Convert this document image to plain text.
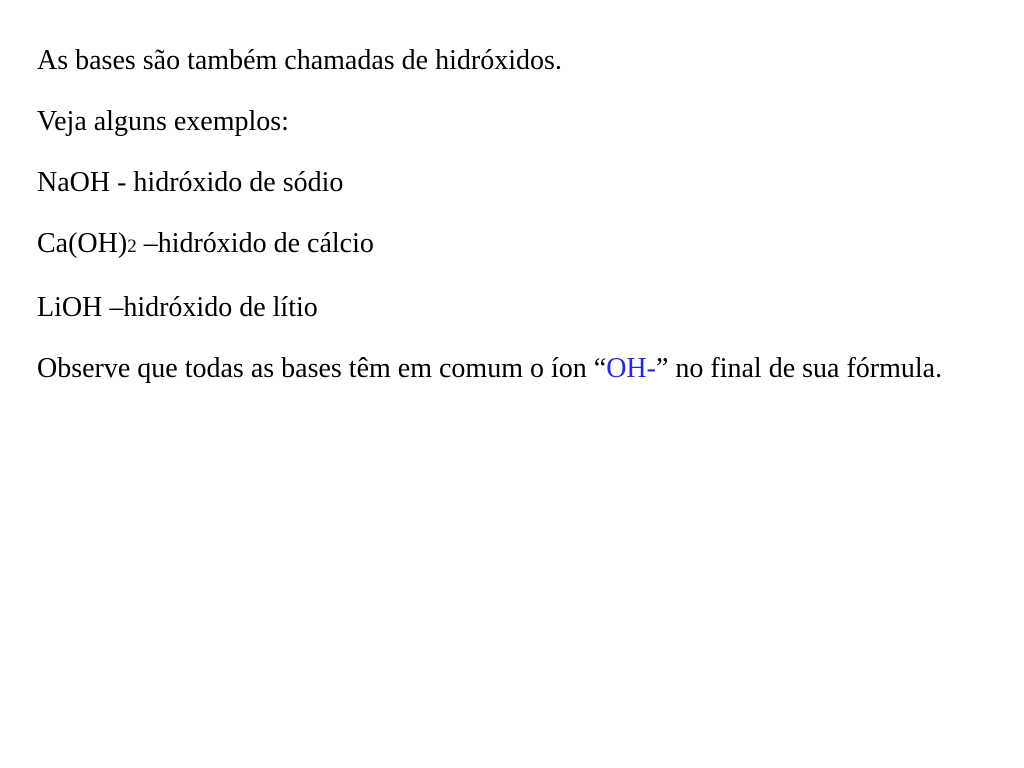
As bases são também chamadas de hidróxidos.

Veja alguns exemplos:

NaOH - hidróxido de sódio

Ca(OH)2 –hidróxido de cálcio

LiOH –hidróxido de lítio

Observe que todas as bases têm em comum o íon “OH-” no final de sua fórmula.
